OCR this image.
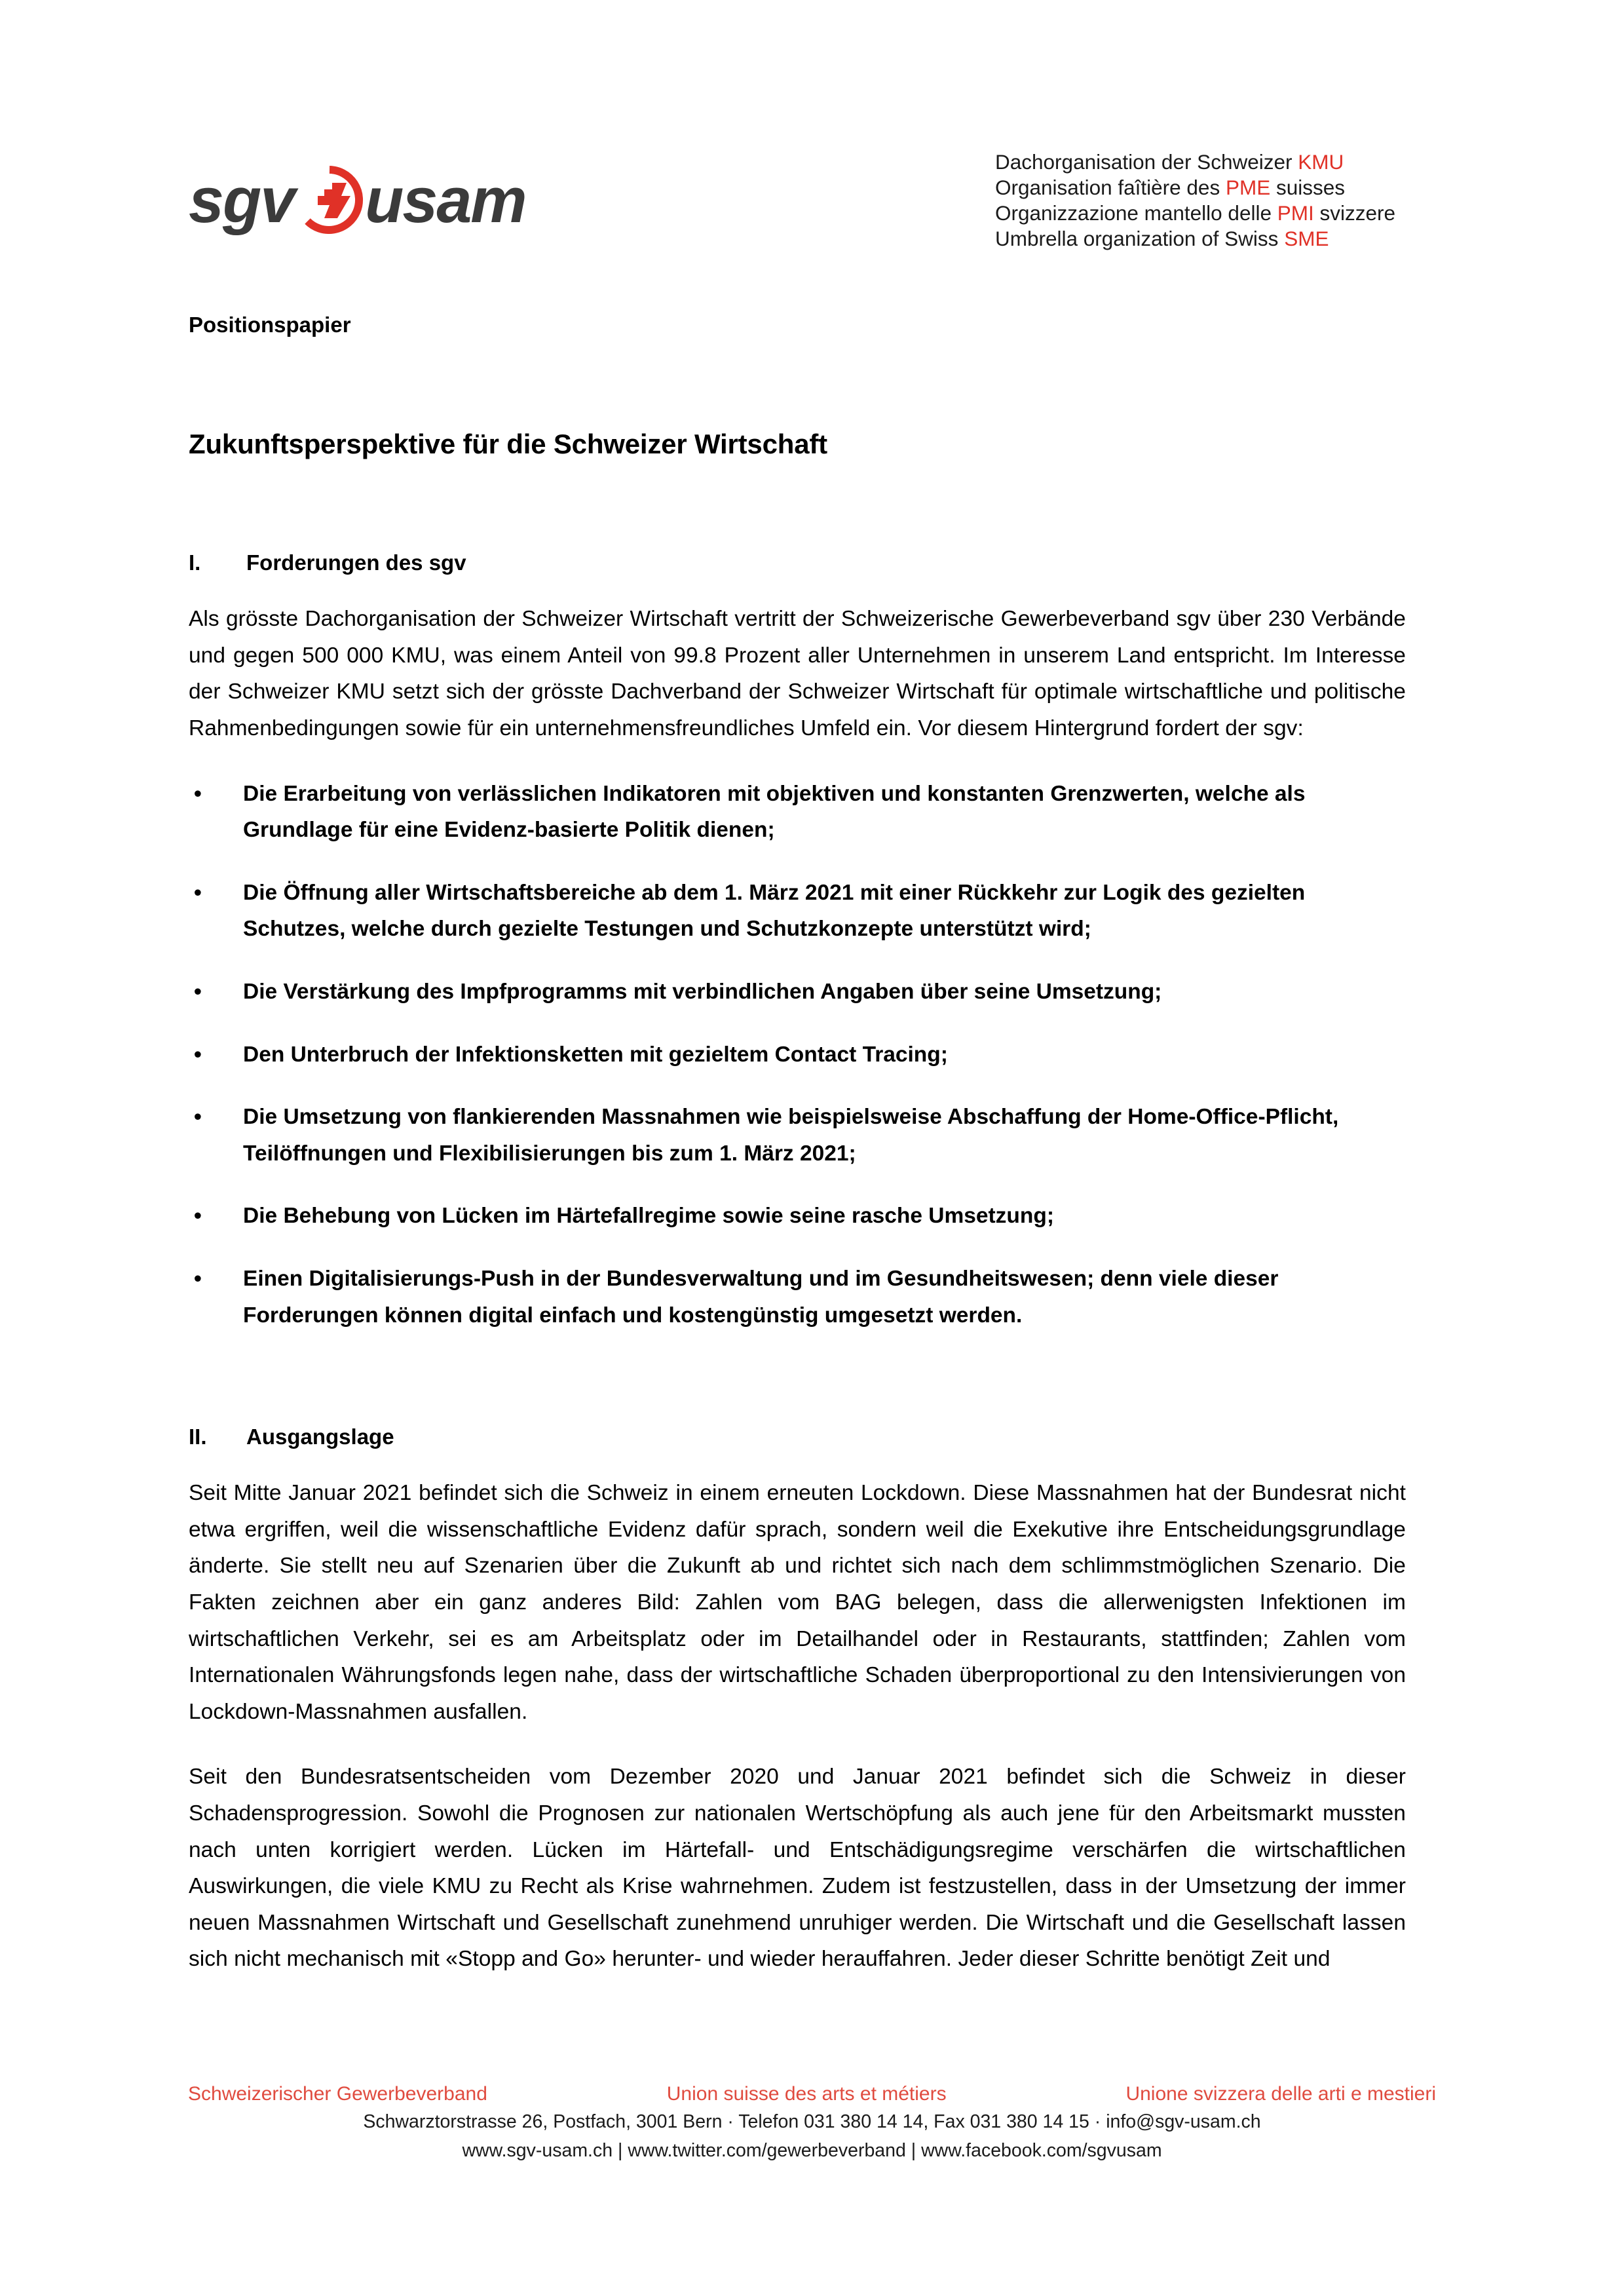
sgv usam
Dachorganisation der Schweizer KMU
Organisation faîtière des PME suisses
Organizzazione mantello delle PMI svizzere
Umbrella organization of Swiss SME
Positionspapier
Zukunftsperspektive für die Schweizer Wirtschaft
I.	Forderungen des sgv

Als grösste Dachorganisation der Schweizer Wirtschaft vertritt der Schweizerische Gewerbeverband sgv über 230 Verbände und gegen 500 000 KMU, was einem Anteil von 99.8 Prozent aller Unternehmen in unserem Land entspricht. Im Interesse der Schweizer KMU setzt sich der grösste Dachverband der Schweizer Wirtschaft für optimale wirtschaftliche und politische Rahmenbedingungen sowie für ein unternehmensfreundliches Umfeld ein. Vor diesem Hintergrund fordert der sgv:

• Die Erarbeitung von verlässlichen Indikatoren mit objektiven und konstanten Grenzwerten, welche als Grundlage für eine Evidenz-basierte Politik dienen;
• Die Öffnung aller Wirtschaftsbereiche ab dem 1. März 2021 mit einer Rückkehr zur Logik des gezielten Schutzes, welche durch gezielte Testungen und Schutzkonzepte unterstützt wird;
• Die Verstärkung des Impfprogramms mit verbindlichen Angaben über seine Umsetzung;
• Den Unterbruch der Infektionsketten mit gezieltem Contact Tracing;
• Die Umsetzung von flankierenden Massnahmen wie beispielsweise Abschaffung der Home-Office-Pflicht, Teilöffnungen und Flexibilisierungen bis zum 1. März 2021;
• Die Behebung von Lücken im Härtefallregime sowie seine rasche Umsetzung;
• Einen Digitalisierungs-Push in der Bundesverwaltung und im Gesundheitswesen; denn viele dieser Forderungen können digital einfach und kostengünstig umgesetzt werden.
II.	Ausgangslage

Seit Mitte Januar 2021 befindet sich die Schweiz in einem erneuten Lockdown. Diese Massnahmen hat der Bundesrat nicht etwa ergriffen, weil die wissenschaftliche Evidenz dafür sprach, sondern weil die Exekutive ihre Entscheidungsgrundlage änderte. Sie stellt neu auf Szenarien über die Zukunft ab und richtet sich nach dem schlimmstmöglichen Szenario. Die Fakten zeichnen aber ein ganz anderes Bild: Zahlen vom BAG belegen, dass die allerwenigsten Infektionen im wirtschaftlichen Verkehr, sei es am Arbeitsplatz oder im Detailhandel oder in Restaurants, stattfinden; Zahlen vom Internationalen Währungsfonds legen nahe, dass der wirtschaftliche Schaden überproportional zu den Intensivierungen von Lockdown-Massnahmen ausfallen.

Seit den Bundesratsentscheiden vom Dezember 2020 und Januar 2021 befindet sich die Schweiz in dieser Schadensprogression. Sowohl die Prognosen zur nationalen Wertschöpfung als auch jene für den Arbeitsmarkt mussten nach unten korrigiert werden. Lücken im Härtefall- und Entschädigungsregime verschärfen die wirtschaftlichen Auswirkungen, die viele KMU zu Recht als Krise wahrnehmen. Zudem ist festzustellen, dass in der Umsetzung der immer neuen Massnahmen Wirtschaft und Gesellschaft zunehmend unruhiger werden. Die Wirtschaft und die Gesellschaft lassen sich nicht mechanisch mit «Stopp and Go» herunter- und wieder herauffahren. Jeder dieser Schritte benötigt Zeit und

Schweizerischer Gewerbeverband	Union suisse des arts et métiers	Unione svizzera delle arti e mestieri
Schwarztorstrasse 26, Postfach, 3001 Bern · Telefon 031 380 14 14, Fax 031 380 14 15 · info@sgv-usam.ch
www.sgv-usam.ch | www.twitter.com/gewerbeverband | www.facebook.com/sgvusam
